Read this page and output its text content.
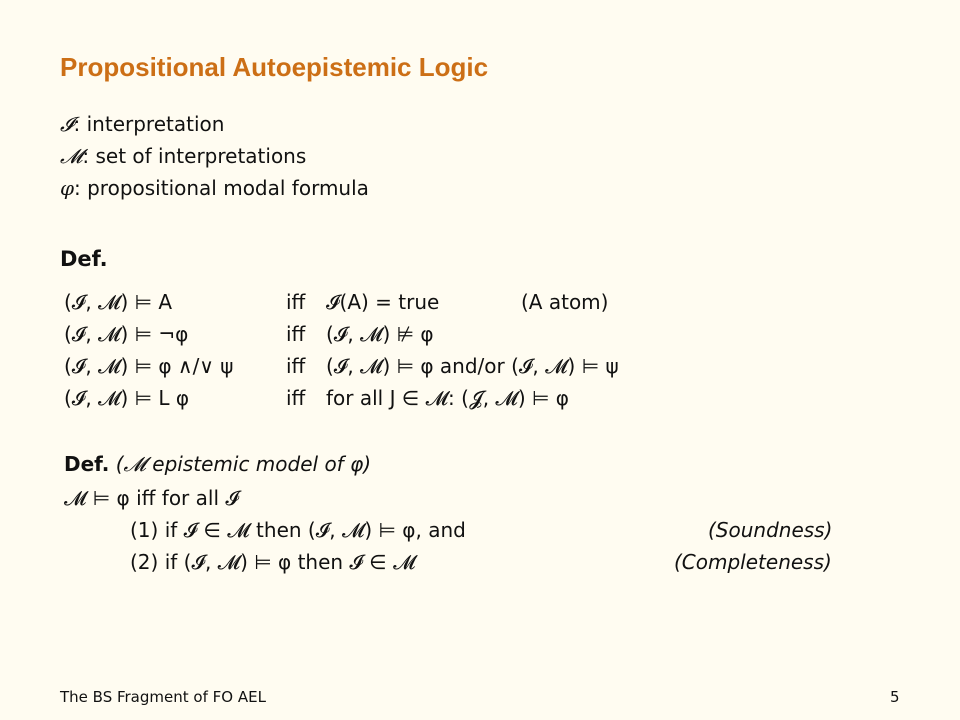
Propositional Autoepistemic Logic
𝓘: interpretation
𝓜: set of interpretations
φ: propositional modal formula
Def.
(𝓘, 𝓜) ⊨ A	iff 𝓘(A) = true	(A atom)
(𝓘, 𝓜) ⊨ ¬φ	iff (𝓘, 𝓜) ⊭ φ
(𝓘, 𝓜) ⊨ φ ∧/∨ ψ	iff (𝓘, 𝓜) ⊨ φ and/or (𝓘, 𝓜) ⊨ ψ
(𝓘, 𝓜) ⊨ L φ	iff for all J ∈ 𝓜: (𝓙, 𝓜) ⊨ φ
Def. (𝓜 epistemic model of φ)
𝓜 ⊨ φ iff for all 𝓘
(1) if 𝓘 ∈ 𝓜 then (𝓘, 𝓜) ⊨ φ, and	(Soundness)
(2) if (𝓘, 𝓜) ⊨ φ then 𝓘 ∈ 𝓜	(Completeness)
The BS Fragment of FO AEL	5
